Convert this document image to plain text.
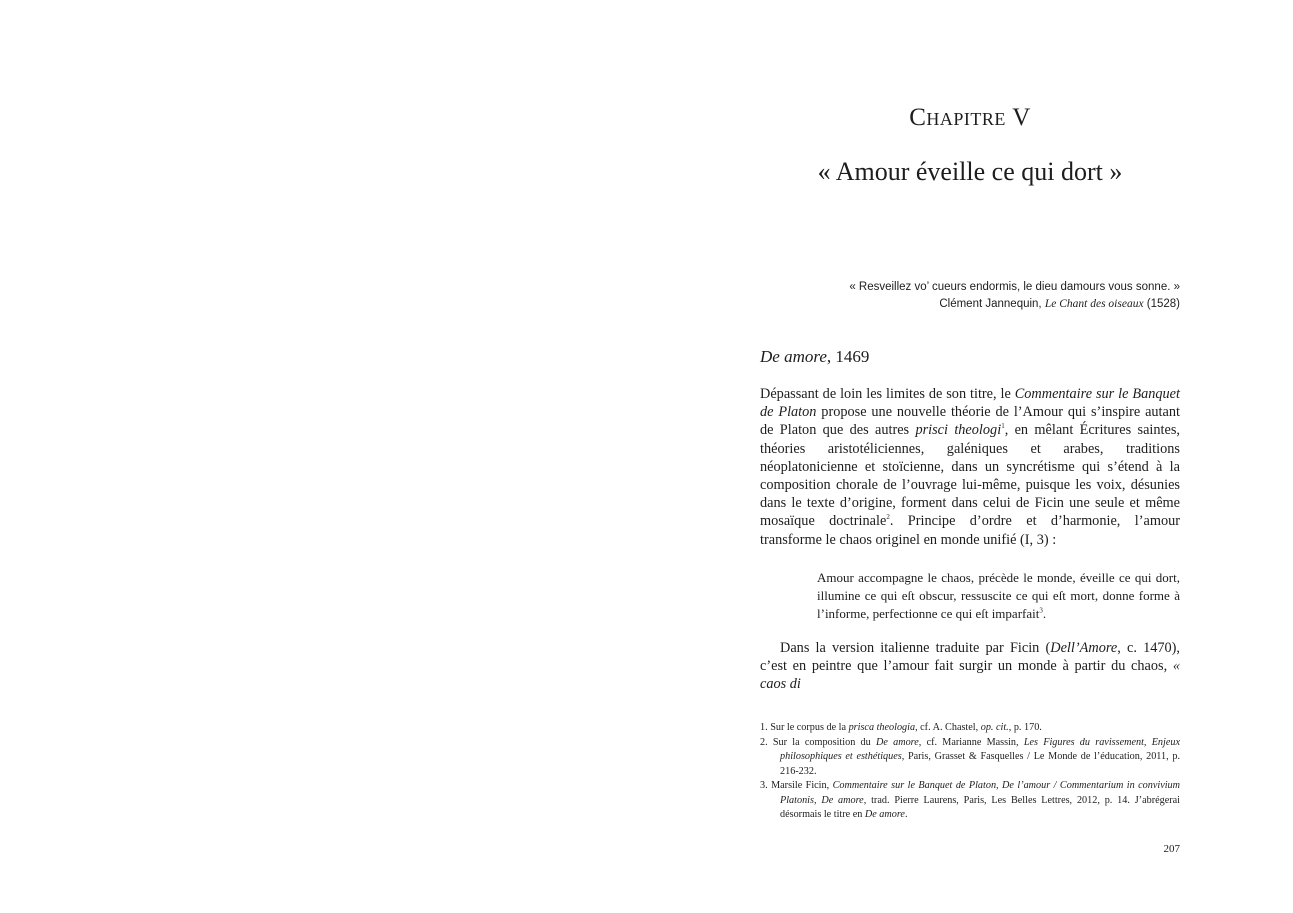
Chapitre V
« Amour éveille ce qui dort »
« Resveillez vo’ cueurs endormis, le dieu damours vous sonne. »
Clément Jannequin, Le Chant des oiseaux (1528)
De amore, 1469

Dépassant de loin les limites de son titre, le Commentaire sur le Banquet de Platon propose une nouvelle théorie de l’Amour qui s’inspire autant de Platon que des autres prisci theologi$^1$, en mêlant Écritures saintes, théories aristotéliciennes, galéniques et arabes, traditions néoplatonicienne et stoïcienne, dans un syncrétisme qui s’étend à la composition chorale de l’ouvrage lui-même, puisque les voix, désunies dans le texte d’origine, forment dans celui de Ficin une seule et même mosaïque doctrinale$^2$. Principe d’ordre et d’harmonie, l’amour transforme le chaos originel en monde unifié (I, 3) :

Amour accompagne le chaos, précède le monde, éveille ce qui dort, illumine ce qui eſt obscur, ressuscite ce qui eſt mort, donne forme à l’informe, perfectionne ce qui eſt imparfait$^3$.

Dans la version italienne traduite par Ficin (Dell’Amore, c. 1470), c’est en peintre que l’amour fait surgir un monde à partir du chaos, « caos di

1. Sur le corpus de la prisca theologia, cf. A. Chastel, op. cit., p. 170.

2. Sur la composition du De amore, cf. Marianne Massin, Les Figures du ravissement, Enjeux philosophiques et esthétiques, Paris, Grasset & Fasquelles / Le Monde de l’éducation, 2011, p. 216-232.

3. Marsile Ficin, Commentaire sur le Banquet de Platon, De l’amour / Commentarium in convivium Platonis, De amore, trad. Pierre Laurens, Paris, Les Belles Lettres, 2012, p. 14. J’abrégerai désormais le titre en De amore.

207
